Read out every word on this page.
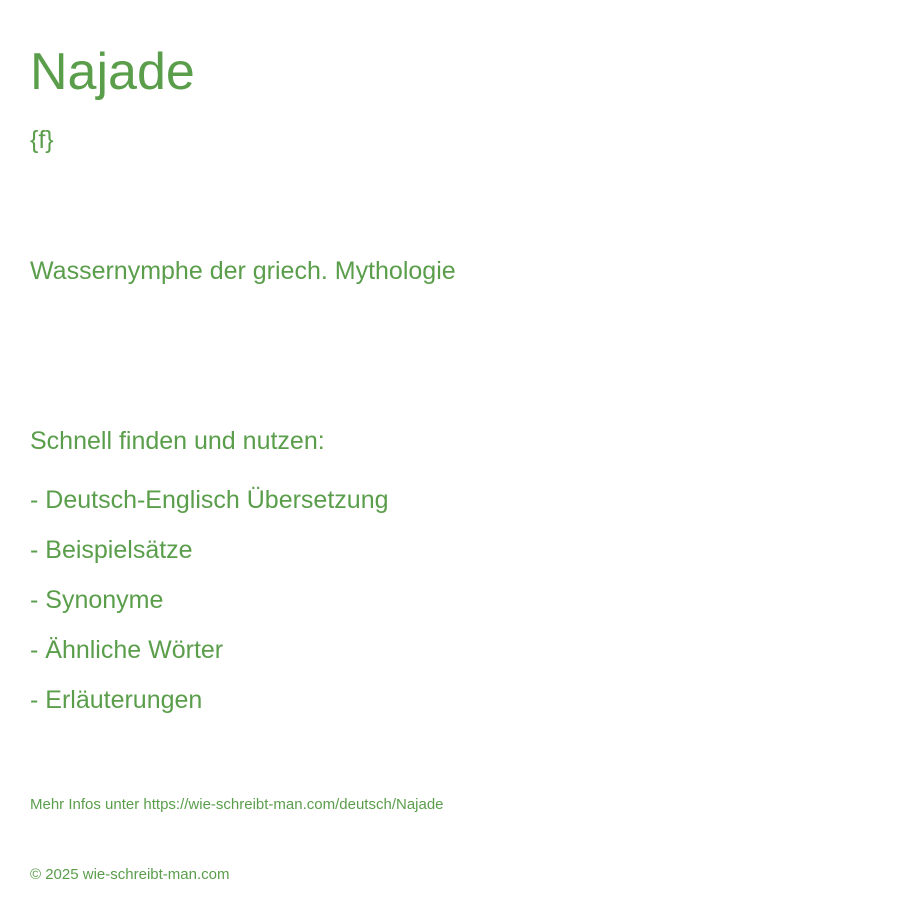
Najade
{f}
Wassernymphe der griech. Mythologie
Schnell finden und nutzen:
- Deutsch-Englisch Übersetzung
- Beispielsätze
- Synonyme
- Ähnliche Wörter
- Erläuterungen
Mehr Infos unter https://wie-schreibt-man.com/deutsch/Najade
© 2025 wie-schreibt-man.com
